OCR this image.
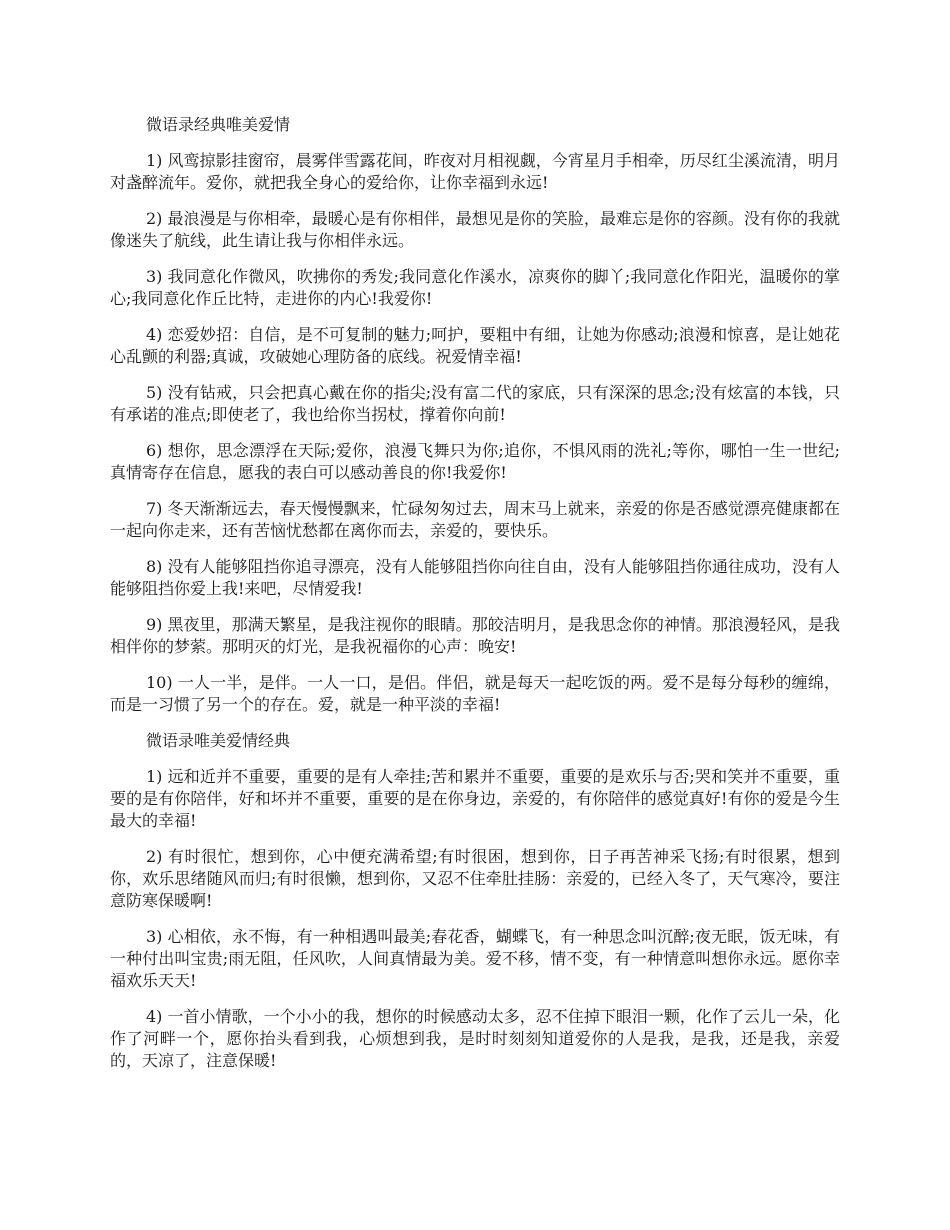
微语录经典唯美爱情

1) 风鸾掠影挂窗帘，晨雾伴雪露花间，昨夜对月相视觑，今宵星月手相牵，历尽红尘溪流清，明月对盏醉流年。爱你，就把我全身心的爱给你，让你幸福到永远!

2) 最浪漫是与你相牵，最暖心是有你相伴，最想见是你的笑脸，最难忘是你的容颜。没有你的我就像迷失了航线，此生请让我与你相伴永远。

3) 我同意化作微风，吹拂你的秀发;我同意化作溪水，凉爽你的脚丫;我同意化作阳光，温暖你的掌心;我同意化作丘比特，走进你的内心!我爱你!

4) 恋爱妙招：自信，是不可复制的魅力;呵护，要粗中有细，让她为你感动;浪漫和惊喜，是让她花心乱颤的利器;真诚，攻破她心理防备的底线。祝爱情幸福!

5) 没有钻戒，只会把真心戴在你的指尖;没有富二代的家底，只有深深的思念;没有炫富的本钱，只有承诺的准点;即使老了，我也给你当拐杖，撑着你向前!

6) 想你，思念漂浮在天际;爱你，浪漫飞舞只为你;追你，不惧风雨的洗礼;等你，哪怕一生一世纪;真情寄存在信息，愿我的表白可以感动善良的你!我爱你!

7) 冬天渐渐远去，春天慢慢飘来，忙碌匆匆过去，周末马上就来，亲爱的你是否感觉漂亮健康都在一起向你走来，还有苦恼忧愁都在离你而去，亲爱的，要快乐。

8) 没有人能够阻挡你追寻漂亮，没有人能够阻挡你向往自由，没有人能够阻挡你通往成功，没有人能够阻挡你爱上我!来吧，尽情爱我!

9) 黑夜里，那满天繁星，是我注视你的眼睛。那皎洁明月，是我思念你的神情。那浪漫轻风，是我相伴你的梦萦。那明灭的灯光，是我祝福你的心声：晚安!

10) 一人一半，是伴。一人一口，是侣。伴侣，就是每天一起吃饭的两。爱不是每分每秒的缠绵，而是一习惯了另一个的存在。爱，就是一种平淡的幸福!

微语录唯美爱情经典

1) 远和近并不重要，重要的是有人牵挂;苦和累并不重要，重要的是欢乐与否;哭和笑并不重要，重要的是有你陪伴，好和坏并不重要，重要的是在你身边，亲爱的，有你陪伴的感觉真好!有你的爱是今生最大的幸福!

2) 有时很忙，想到你，心中便充满希望;有时很困，想到你，日子再苦神采飞扬;有时很累，想到你，欢乐思绪随风而归;有时很懒，想到你，又忍不住牵肚挂肠：亲爱的，已经入冬了，天气寒冷，要注意防寒保暖啊!

3) 心相依，永不悔，有一种相遇叫最美;春花香，蝴蝶飞，有一种思念叫沉醉;夜无眠，饭无味，有一种付出叫宝贵;雨无阻，任风吹，人间真情最为美。爱不移，情不变，有一种情意叫想你永远。愿你幸福欢乐天天!

4) 一首小情歌，一个小小的我，想你的时候感动太多，忍不住掉下眼泪一颗，化作了云儿一朵，化作了河畔一个，愿你抬头看到我，心烦想到我，是时时刻刻知道爱你的人是我，是我，还是我，亲爱的，天凉了，注意保暖!
